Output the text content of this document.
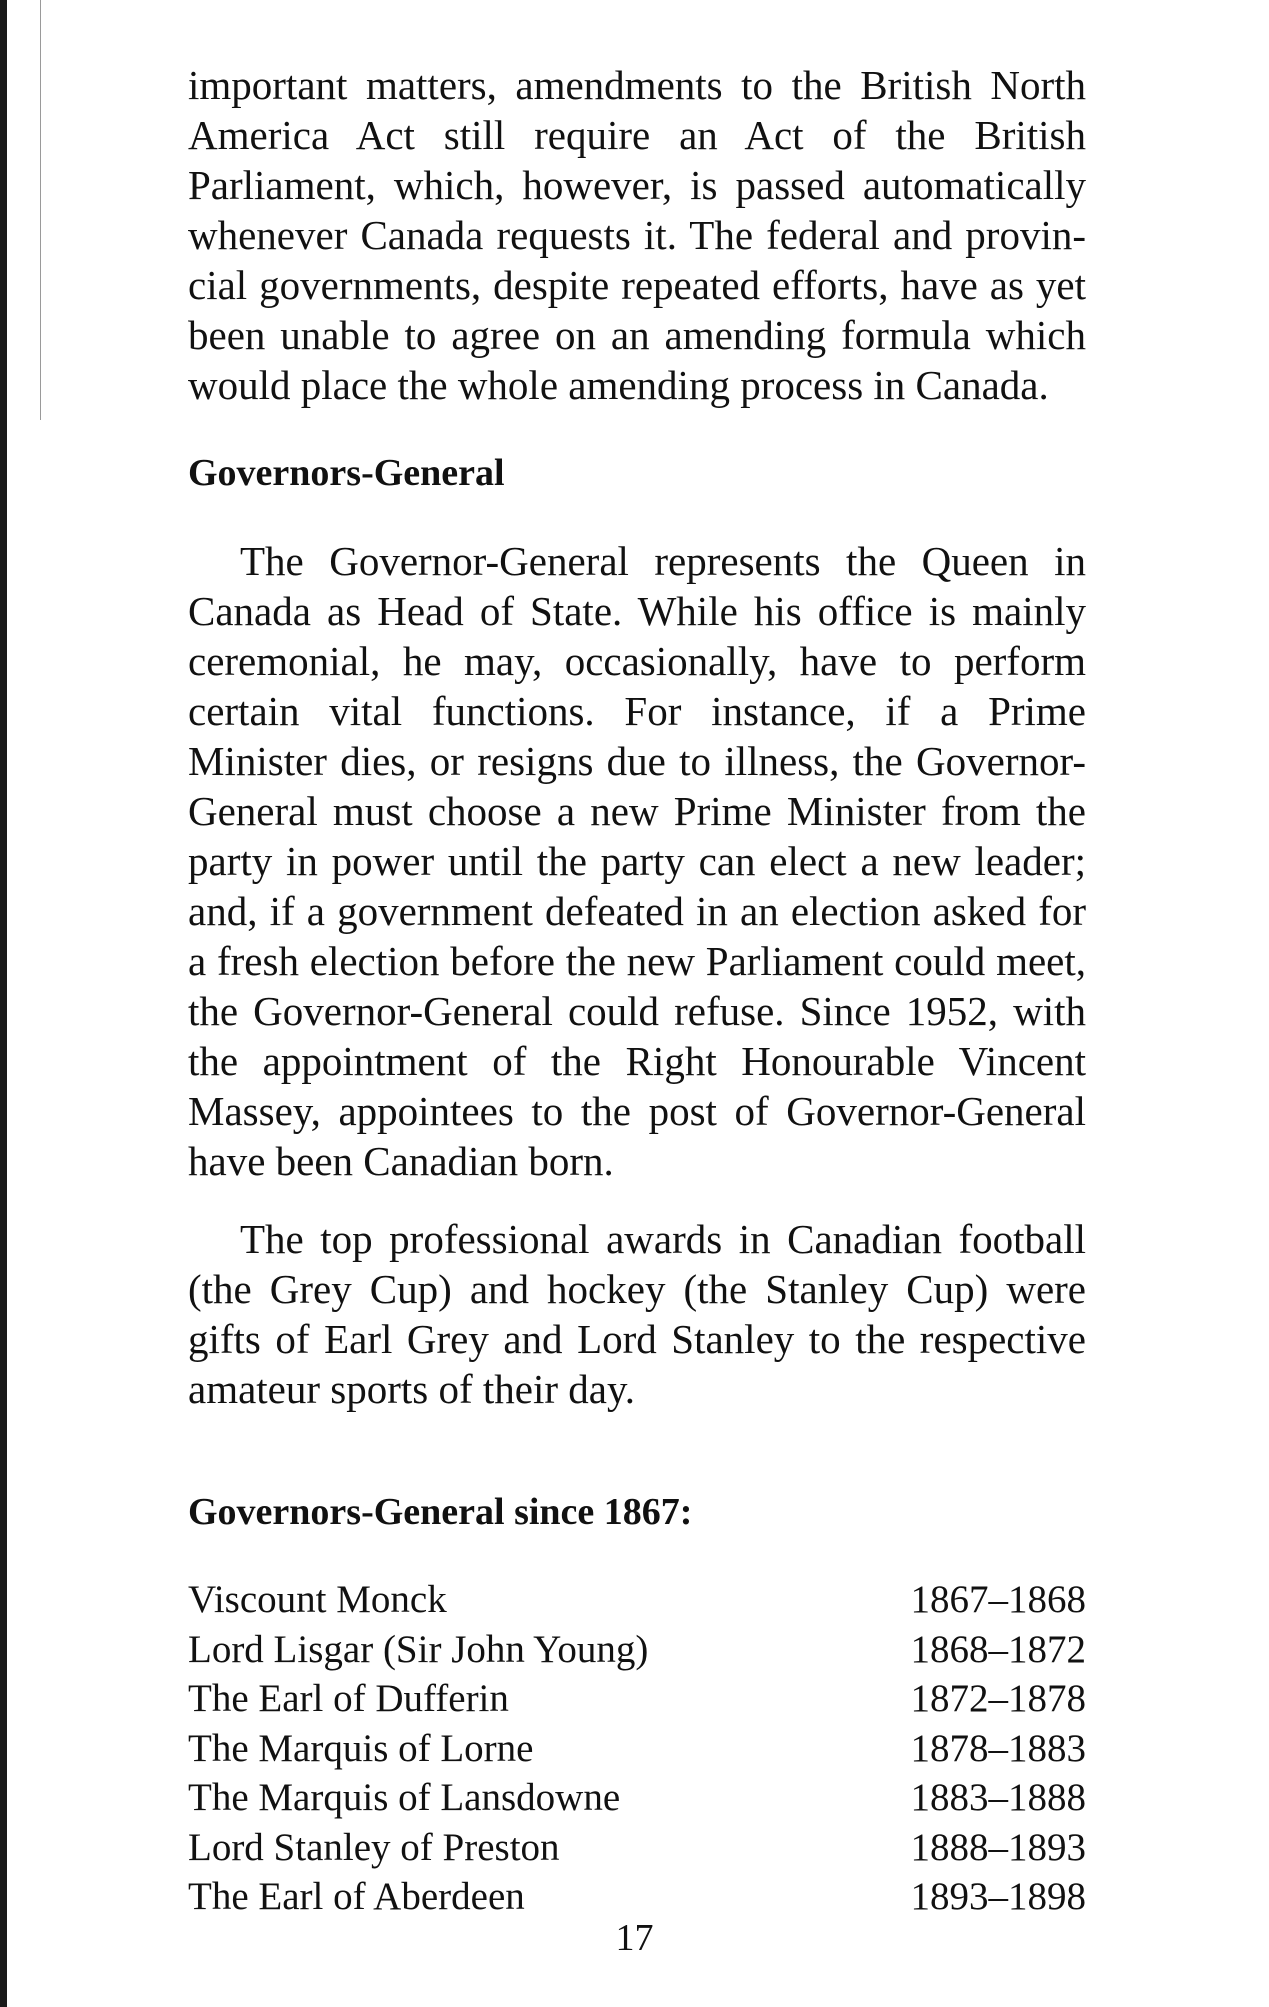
important matters, amendments to the British North America Act still require an Act of the British Parliament, which, however, is passed automatically whenever Canada requests it. The federal and provincial governments, despite repeated efforts, have as yet been unable to agree on an amending formula which would place the whole amending process in Canada.

Governors-General

The Governor-General represents the Queen in Canada as Head of State. While his office is mainly ceremonial, he may, occasionally, have to perform certain vital functions. For instance, if a Prime Minister dies, or resigns due to illness, the Governor-General must choose a new Prime Minister from the party in power until the party can elect a new leader; and, if a government defeated in an election asked for a fresh election before the new Parliament could meet, the Governor-General could refuse. Since 1952, with the appointment of the Right Honourable Vincent Massey, appointees to the post of Governor-General have been Canadian born.

The top professional awards in Canadian football (the Grey Cup) and hockey (the Stanley Cup) were gifts of Earl Grey and Lord Stanley to the respective amateur sports of their day.

Governors-General since 1867:
Viscount Monck	1867–1868
Lord Lisgar (Sir John Young)	1868–1872
The Earl of Dufferin	1872–1878
The Marquis of Lorne	1878–1883
The Marquis of Lansdowne	1883–1888
Lord Stanley of Preston	1888–1893
The Earl of Aberdeen	1893–1898
17
